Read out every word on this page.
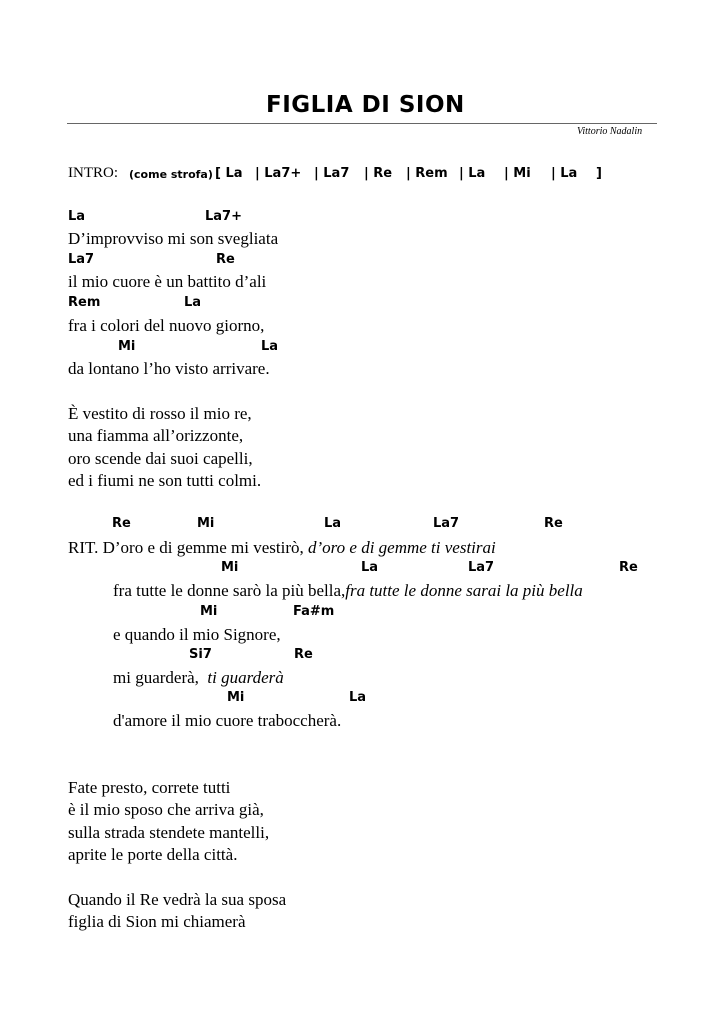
FIGLIA DI SION
Vittorio Nadalin
INTRO: (come strofa) [ La | La7+ | La7 | Re | Rem | La | Mi | La ]
La	La7+
D’improvviso mi son svegliata
La7	Re
il mio cuore è un battito d’ali
Rem	La
fra i colori del nuovo giorno,
Mi	La
da lontano l’ho visto arrivare.
È vestito di rosso il mio re,
una fiamma all’orizzonte,
oro scende dai suoi capelli,
ed i fiumi ne son tutti colmi.
Re	Mi	La	La7	Re
RIT. D’oro e di gemme mi vestirò, d’oro e di gemme ti vestirai
Mi	La	La7	Re
fra tutte le donne sarò la più bella,fra tutte le donne sarai la più bella
Mi	Fa#m
e quando il mio Signore,
Si7	Re
mi guarderà, ti guarderà
Mi	La
d'amore il mio cuore traboccherà.
Fate presto, correte tutti
è il mio sposo che arriva già,
sulla strada stendete mantelli,
aprite le porte della città.
Quando il Re vedrà la sua sposa
figlia di Sion mi chiamerà
